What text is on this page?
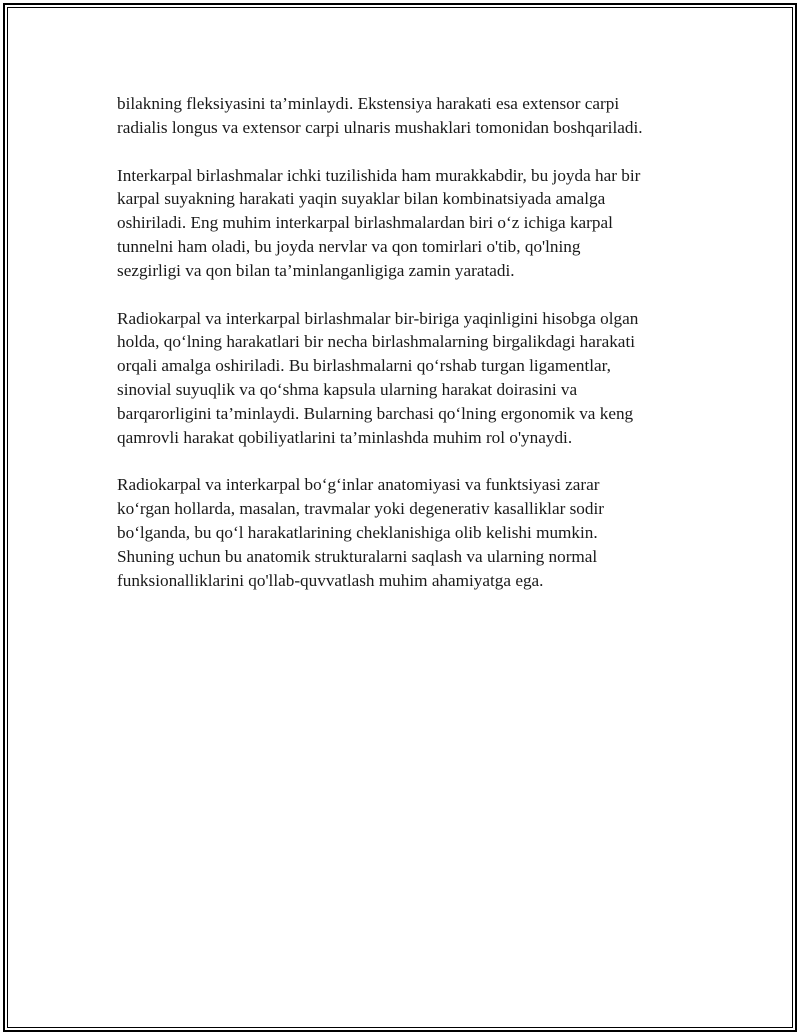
bilakning fleksiyasini ta’minlaydi. Ekstensiya harakati esa extensor carpi
radialis longus va extensor carpi ulnaris mushaklari tomonidan boshqariladi.

Interkarpal birlashmalar ichki tuzilishida ham murakkabdir, bu joyda har bir
karpal suyakning harakati yaqin suyaklar bilan kombinatsiyada amalga
oshiriladi. Eng muhim interkarpal birlashmalardan biri o‘z ichiga karpal
tunnelni ham oladi, bu joyda nervlar va qon tomirlari o'tib, qo'lning
sezgirligi va qon bilan ta’minlanganligiga zamin yaratadi.

Radiokarpal va interkarpal birlashmalar bir-biriga yaqinligini hisobga olgan
holda, qo‘lning harakatlari bir necha birlashmalarning birgalikdagi harakati
orqali amalga oshiriladi. Bu birlashmalarni qo‘rshab turgan ligamentlar,
sinovial suyuqlik va qo‘shma kapsula ularning harakat doirasini va
barqarorligini ta’minlaydi. Bularning barchasi qo‘lning ergonomik va keng
qamrovli harakat qobiliyatlarini ta’minlashda muhim rol o'ynaydi.

Radiokarpal va interkarpal bo‘g‘inlar anatomiyasi va funktsiyasi zarar
ko‘rgan hollarda, masalan, travmalar yoki degenerativ kasalliklar sodir
bo‘lganda, bu qo‘l harakatlarining cheklanishiga olib kelishi mumkin.
Shuning uchun bu anatomik strukturalarni saqlash va ularning normal
funksionalliklarini qo'llab-quvvatlash muhim ahamiyatga ega.
